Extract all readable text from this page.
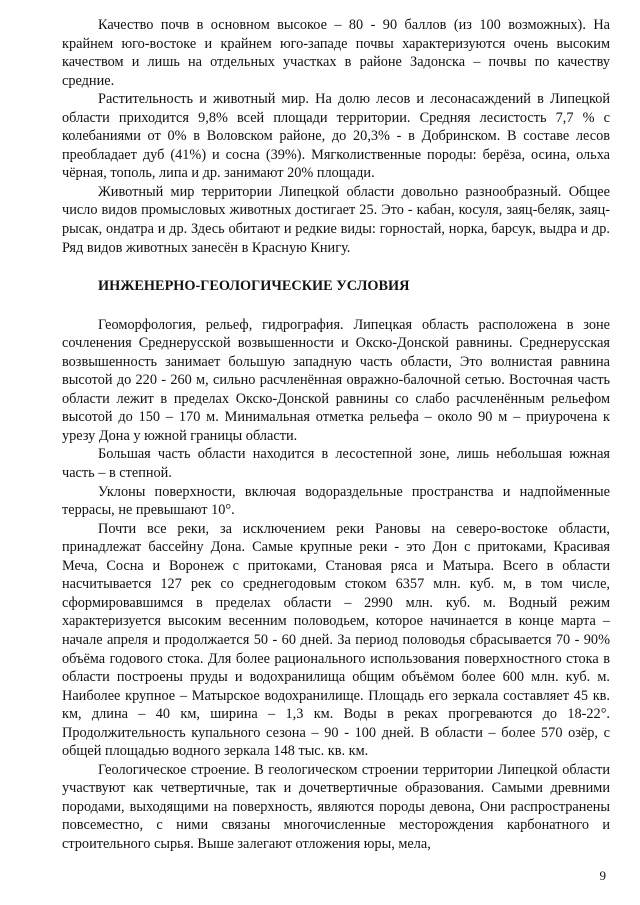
Качество почв в основном высокое – 80 - 90 баллов (из 100 возможных). На крайнем юго-востоке и крайнем юго-западе почвы характеризуются очень высоким качеством и лишь на отдельных участках в районе Задонска – почвы по качеству средние.

Растительность и животный мир. На долю лесов и лесонасаждений в Липецкой области приходится 9,8% всей площади территории. Средняя лесистость 7,7 % с колебаниями от 0% в Воловском районе, до 20,3% - в Добринском. В составе лесов преобладает дуб (41%) и сосна (39%). Мягколиственные породы: берёза, осина, ольха чёрная, тополь, липа и др. занимают 20% площади.

Животный мир территории Липецкой области довольно разнообразный. Общее число видов промысловых животных достигает 25. Это - кабан, косуля, заяц-беляк, заяц-рысак, ондатра и др. Здесь обитают и редкие виды: горностай, норка, барсук, выдра и др. Ряд видов животных занесён в Красную Книгу.

ИНЖЕНЕРНО-ГЕОЛОГИЧЕСКИЕ УСЛОВИЯ

Геоморфология, рельеф, гидрография. Липецкая область расположена в зоне сочленения Среднерусской возвышенности и Окско-Донской равнины. Среднерусская возвышенность занимает большую западную часть области, Это волнистая равнина высотой до 220 - 260 м, сильно расчленённая овражно-балочной сетью. Восточная часть области лежит в пределах Окско-Донской равнины со слабо расчленённым рельефом высотой до 150 – 170 м. Минимальная отметка рельефа – около 90 м – приурочена к урезу Дона у южной границы области.

Большая часть области находится в лесостепной зоне, лишь небольшая южная часть – в степной.

Уклоны поверхности, включая водораздельные пространства и надпойменные террасы, не превышают 10°.

Почти все реки, за исключением реки Рановы на северо-востоке области, принадлежат бассейну Дона. Самые крупные реки - это Дон с притоками, Красивая Меча, Сосна и Воронеж с притоками, Становая ряса и Матыра. Всего в области насчитывается 127 рек со среднегодовым стоком 6357 млн. куб. м, в том числе, сформировавшимся в пределах области – 2990 млн. куб. м. Водный режим характеризуется высоким весенним половодьем, которое начинается в конце марта – начале апреля и продолжается 50 - 60 дней. За период половодья сбрасывается 70 - 90% объёма годового стока. Для более рационального использования поверхностного стока в области построены пруды и водохранилища общим объёмом более 600 млн. куб. м. Наиболее крупное – Матырское водохранилище. Площадь его зеркала составляет 45 кв. км, длина – 40 км, ширина – 1,3 км. Воды в реках прогреваются до 18-22°. Продолжительность купального сезона – 90 - 100 дней. В области – более 570 озёр, с общей площадью водного зеркала 148 тыс. кв. км.

Геологическое строение. В геологическом строении территории Липецкой области участвуют как четвертичные, так и дочетвертичные образования. Самыми древними породами, выходящими на поверхность, являются породы девона, Они распространены повсеместно, с ними связаны многочисленные месторождения карбонатного и строительного сырья. Выше залегают отложения юры, мела,

9
